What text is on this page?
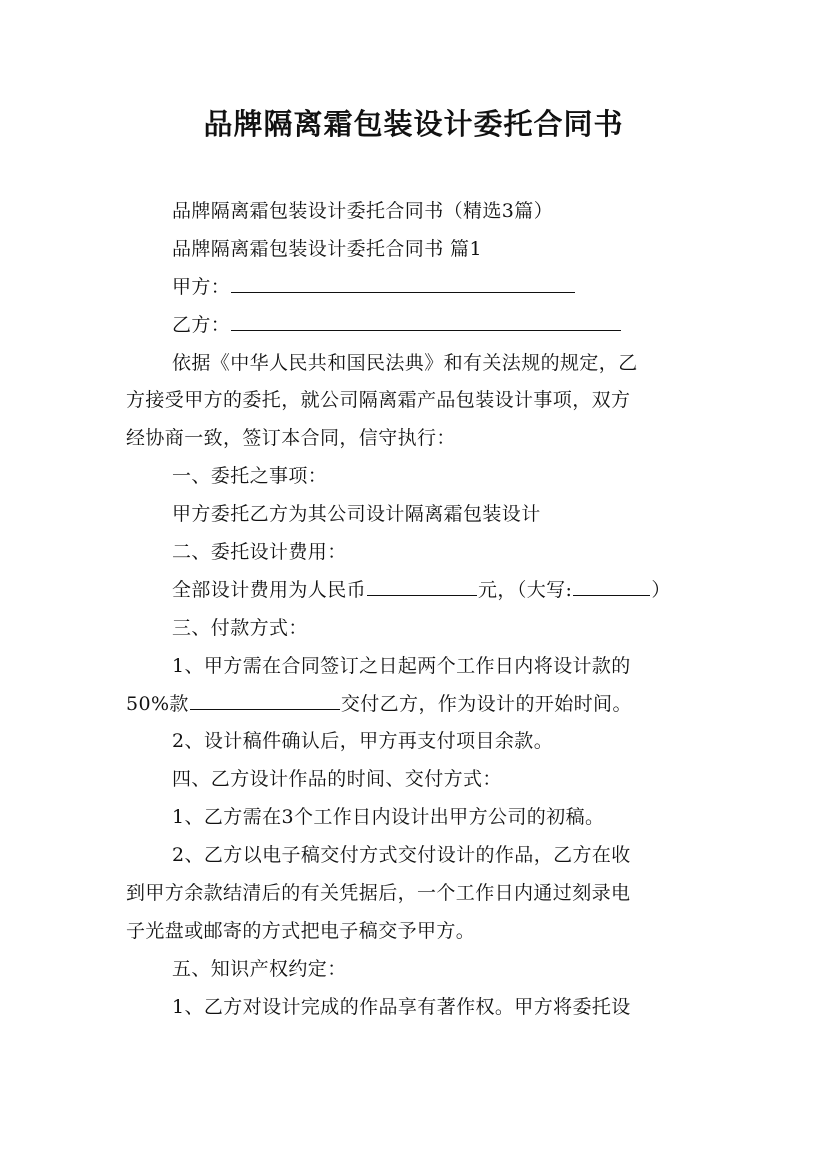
品牌隔离霜包装设计委托合同书

品牌隔离霜包装设计委托合同书（精选3篇）

品牌隔离霜包装设计委托合同书 篇1

甲方：

乙方：

依据《中华人民共和国民法典》和有关法规的规定，乙

方接受甲方的委托，就公司隔离霜产品包装设计事项，双方

经协商一致，签订本合同，信守执行：

一、委托之事项：

甲方委托乙方为其公司设计隔离霜包装设计

二、委托设计费用：

全部设计费用为人民币	元，（大写:	）

三、付款方式：

1、甲方需在合同签订之日起两个工作日内将设计款的

50%款	交付乙方，作为设计的开始时间。

2、设计稿件确认后，甲方再支付项目余款。

四、乙方设计作品的时间、交付方式：

1、乙方需在3个工作日内设计出甲方公司的初稿。

2、乙方以电子稿交付方式交付设计的作品，乙方在收

到甲方余款结清后的有关凭据后，一个工作日内通过刻录电

子光盘或邮寄的方式把电子稿交予甲方。

五、知识产权约定：

1、乙方对设计完成的作品享有著作权。甲方将委托设
